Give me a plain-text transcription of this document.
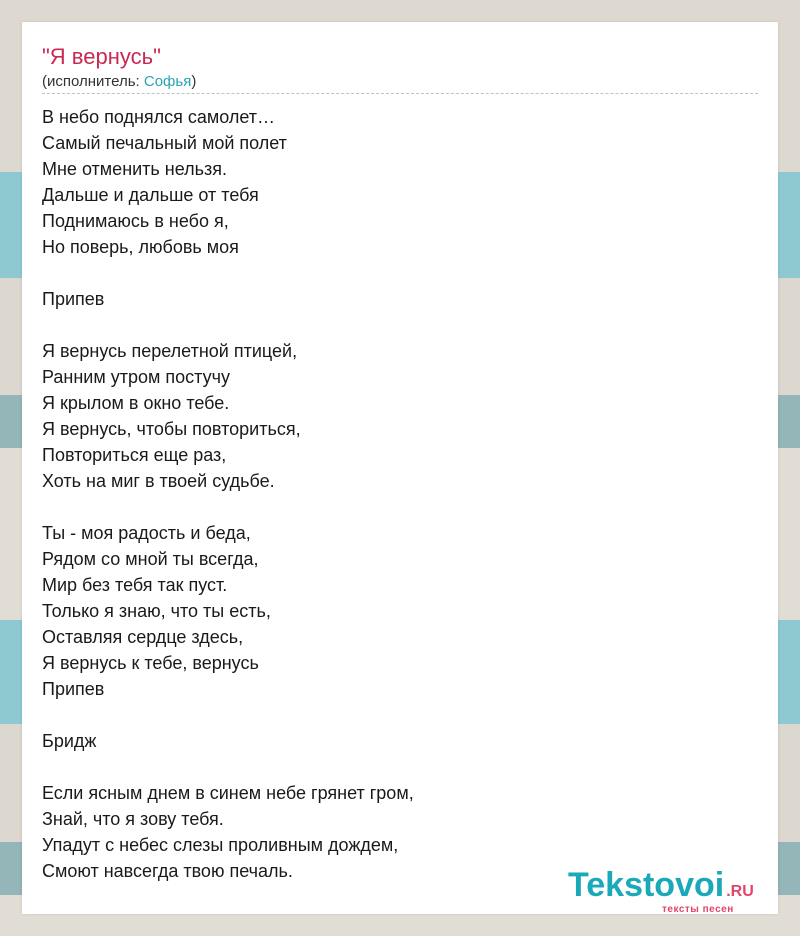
"Я вернусь"
(исполнитель: Софья)
В небо поднялся самолет…
Самый печальный мой полет
Мне отменить нельзя.
Дальше и дальше от тебя
Поднимаюсь в небо я,
Но поверь, любовь моя
Припев
Я вернусь перелетной птицей,
Ранним утром постучу
Я крылом в окно тебе.
Я вернусь, чтобы повториться,
Повториться еще раз,
Хоть на миг в твоей судьбе.
Ты - моя радость и беда,
Рядом со мной ты всегда,
Мир без тебя так пуст.
Только я знаю, что ты есть,
Оставляя сердце здесь,
Я вернусь к тебе, вернусь
Припев
Бридж
Если ясным днем в синем небе грянет гром,
Знай, что я зову тебя.
Упадут с небес слезы проливным дождем,
Смоют навсегда твою печаль.	Tekstovoi .RU
тексты песен
